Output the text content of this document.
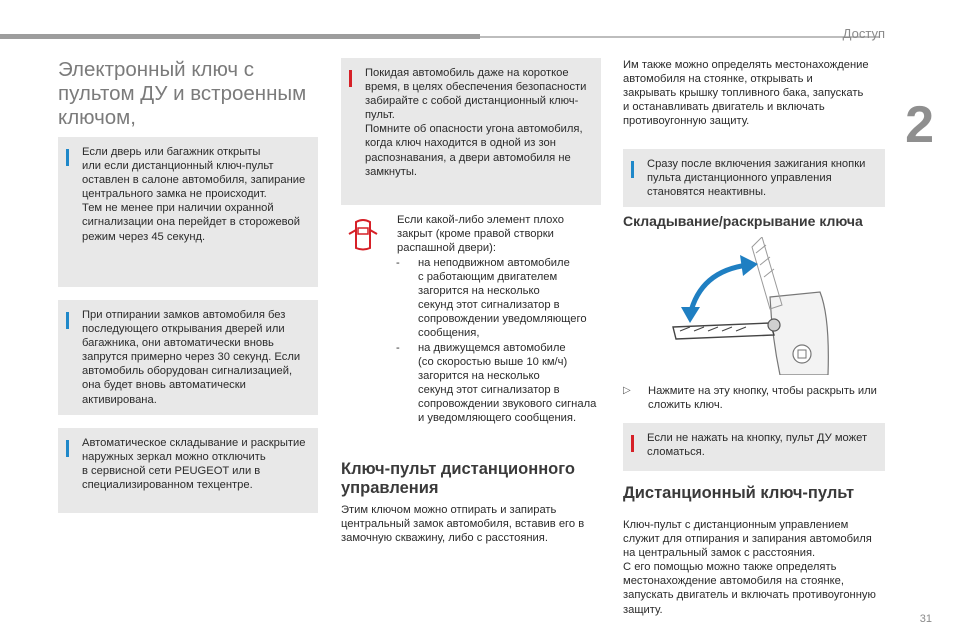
Доступ
2
31
Электронный ключ с пультом ДУ и встроенным ключом,

Если дверь или багажник открыты
или если дистанционный ключ-пульт
оставлен в салоне автомобиля, запирание
центрального замка не происходит.
Тем не менее при наличии охранной
сигнализации она перейдет в сторожевой
режим через 45 секунд.

При отпирании замков автомобиля без
последующего открывания дверей или
багажника, они автоматически вновь
запрутся примерно через 30 секунд. Если
автомобиль оборудован сигнализацией,
она будет вновь автоматически
активирована.

Автоматическое складывание и раскрытие
наружных зеркал можно отключить
в сервисной сети PEUGEOT или в
специализированном техцентре.

Покидая автомобиль даже на короткое
время, в целях обеспечения безопасности
забирайте с собой дистанционный ключ-
пульт.
Помните об опасности угона автомобиля,
когда ключ находится в одной из зон
распознавания, а двери автомобиля не
замкнуты.

Если какой-либо элемент плохо
закрыт (кроме правой створки
распашной двери):

- на неподвижном автомобиле
с работающим двигателем
загорится на несколько
секунд этот сигнализатор в
сопровождении уведомляющего
сообщения,

- на движущемся автомобиле
(со скоростью выше 10 км/ч)
загорится на несколько
секунд этот сигнализатор в
сопровождении звукового сигнала
и уведомляющего сообщения.

Ключ-пульт дистанционного управления

Этим ключом можно отпирать и запирать
центральный замок автомобиля, вставив его в
замочную скважину, либо с расстояния.

Им также можно определять местонахождение
автомобиля на стоянке, открывать и
закрывать крышку топливного бака, запускать
и останавливать двигатель и включать
противоугонную защиту.

Сразу после включения зажигания кнопки
пульта дистанционного управления
становятся неактивны.

Складывание/раскрывание ключа
▷	Нажмите на эту кнопку, чтобы раскрыть или
сложить ключ.

Если не нажать на кнопку, пульт ДУ может
сломаться.

Дистанционный ключ-пульт

Ключ-пульт с дистанционным управлением
служит для отпирания и запирания автомобиля
на центральный замок с расстояния.
С его помощью можно также определять
местонахождение автомобиля на стоянке,
запускать двигатель и включать противоугонную
защиту.
